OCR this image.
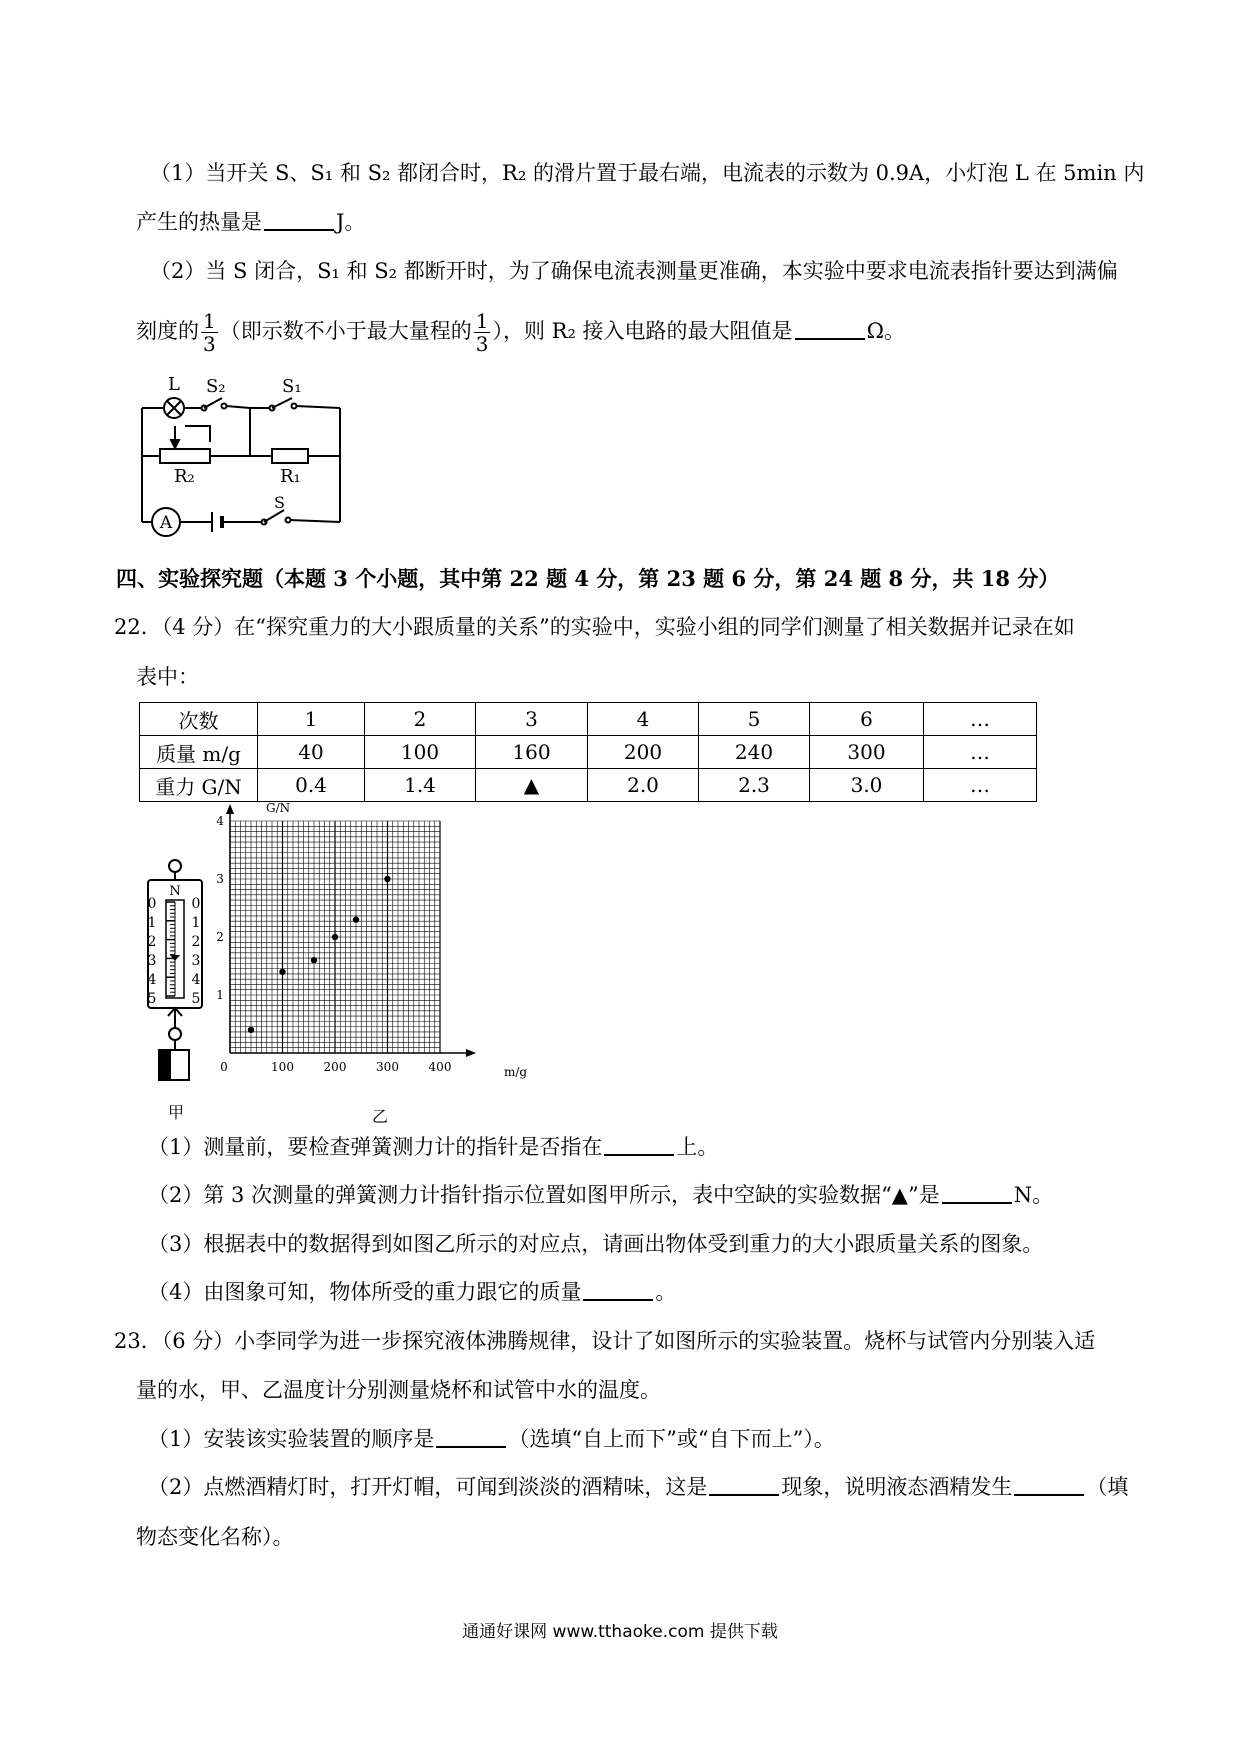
（1）当开关 S、S₁ 和 S₂ 都闭合时，R₂ 的滑片置于最右端，电流表的示数为 0.9A，小灯泡 L 在 5min 内
产生的热量是	J。
（2）当 S 闭合，S₁ 和 S₂ 都断开时，为了确保电流表测量更准确，本实验中要求电流表指针要达到满偏
刻度的 $\frac{1}{3}$ （即示数不小于最大量程的 $\frac{1}{3}$ ），则 R₂ 接入电路的最大阻值是	Ω。
A
L S₂	S₁
R₂	R₁
S
四、实验探究题（本题 3 个小题，其中第 22 题 4 分，第 23 题 6 分，第 24 题 8 分，共 18 分）
22．（4 分）在“探究重力的大小跟质量的关系”的实验中，实验小组的同学们测量了相关数据并记录在如
表中：
次数	1	2	3	4	5	6	…
质量 m/g	40	100	160	200	240	300	…
重力 G/N	0.4	1.4	▲	2.0	2.3	3.0	…
N
0
1
2
3
4
5
0
1
2
3
4
5
甲
0	100 200 300 400
1
2
3
4
G/N
m/g
乙
（1）测量前，要检查弹簧测力计的指针是否指在	上。
（2）第 3 次测量的弹簧测力计指针指示位置如图甲所示，表中空缺的实验数据“▲”是	N。
（3）根据表中的数据得到如图乙所示的对应点，请画出物体受到重力的大小跟质量关系的图象。
（4）由图象可知，物体所受的重力跟它的质量	。
23．（6 分）小李同学为进一步探究液体沸腾规律，设计了如图所示的实验装置。烧杯与试管内分别装入适
量的水，甲、乙温度计分别测量烧杯和试管中水的温度。
（1）安装该实验装置的顺序是	（选填“自上而下”或“自下而上”）。
（2）点燃酒精灯时，打开灯帽，可闻到淡淡的酒精味，这是	现象，说明液态酒精发生	（填
物态变化名称）。
通通好课网 www.tthaoke.com 提供下载
